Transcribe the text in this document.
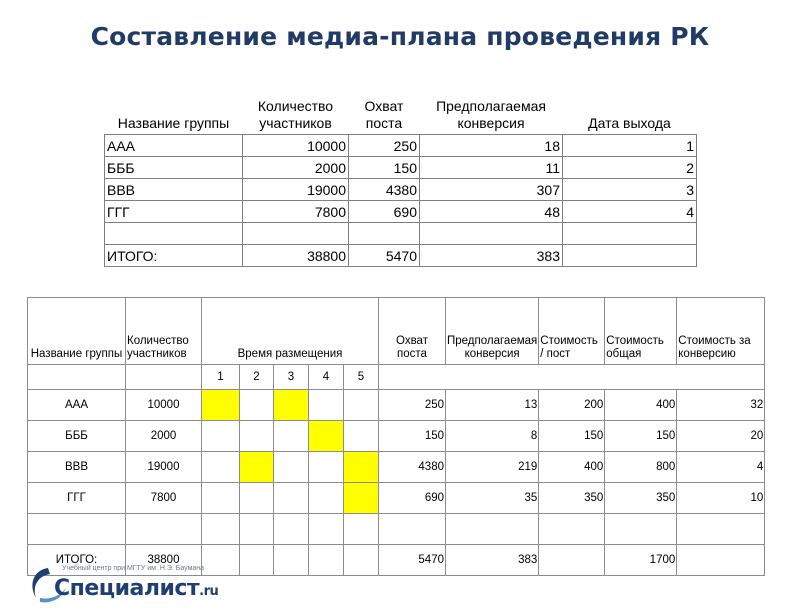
Составление медиа-плана проведения РК
Название группы	Количество участников	Охват поста	Предполагаемая конверсия	Дата выхода
ААА	10000	250	18	1
БББ	2000	150	11	2
ВВВ	19000	4380	307	3
ГГГ	7800	690	48	4

ИТОГО:	38800	5470	383	
Название группы	Количество участников	Время размещения					Охват поста	Предполагаемая конверсия	Стоимость / пост	Стоимость общая	Стоимость за конверсию
		1	2	3	4	5					
ААА	10000						250	13	200	400	32
БББ	2000						150	8	150	150	20
ВВВ	19000						4380	219	400	800	4
ГГГ	7800						690	35	350	350	10

ИТОГО:	38800						5470	383		1700	
Учебный центр при МГТУ им. Н.Э. Баумана
Специалист.ru
